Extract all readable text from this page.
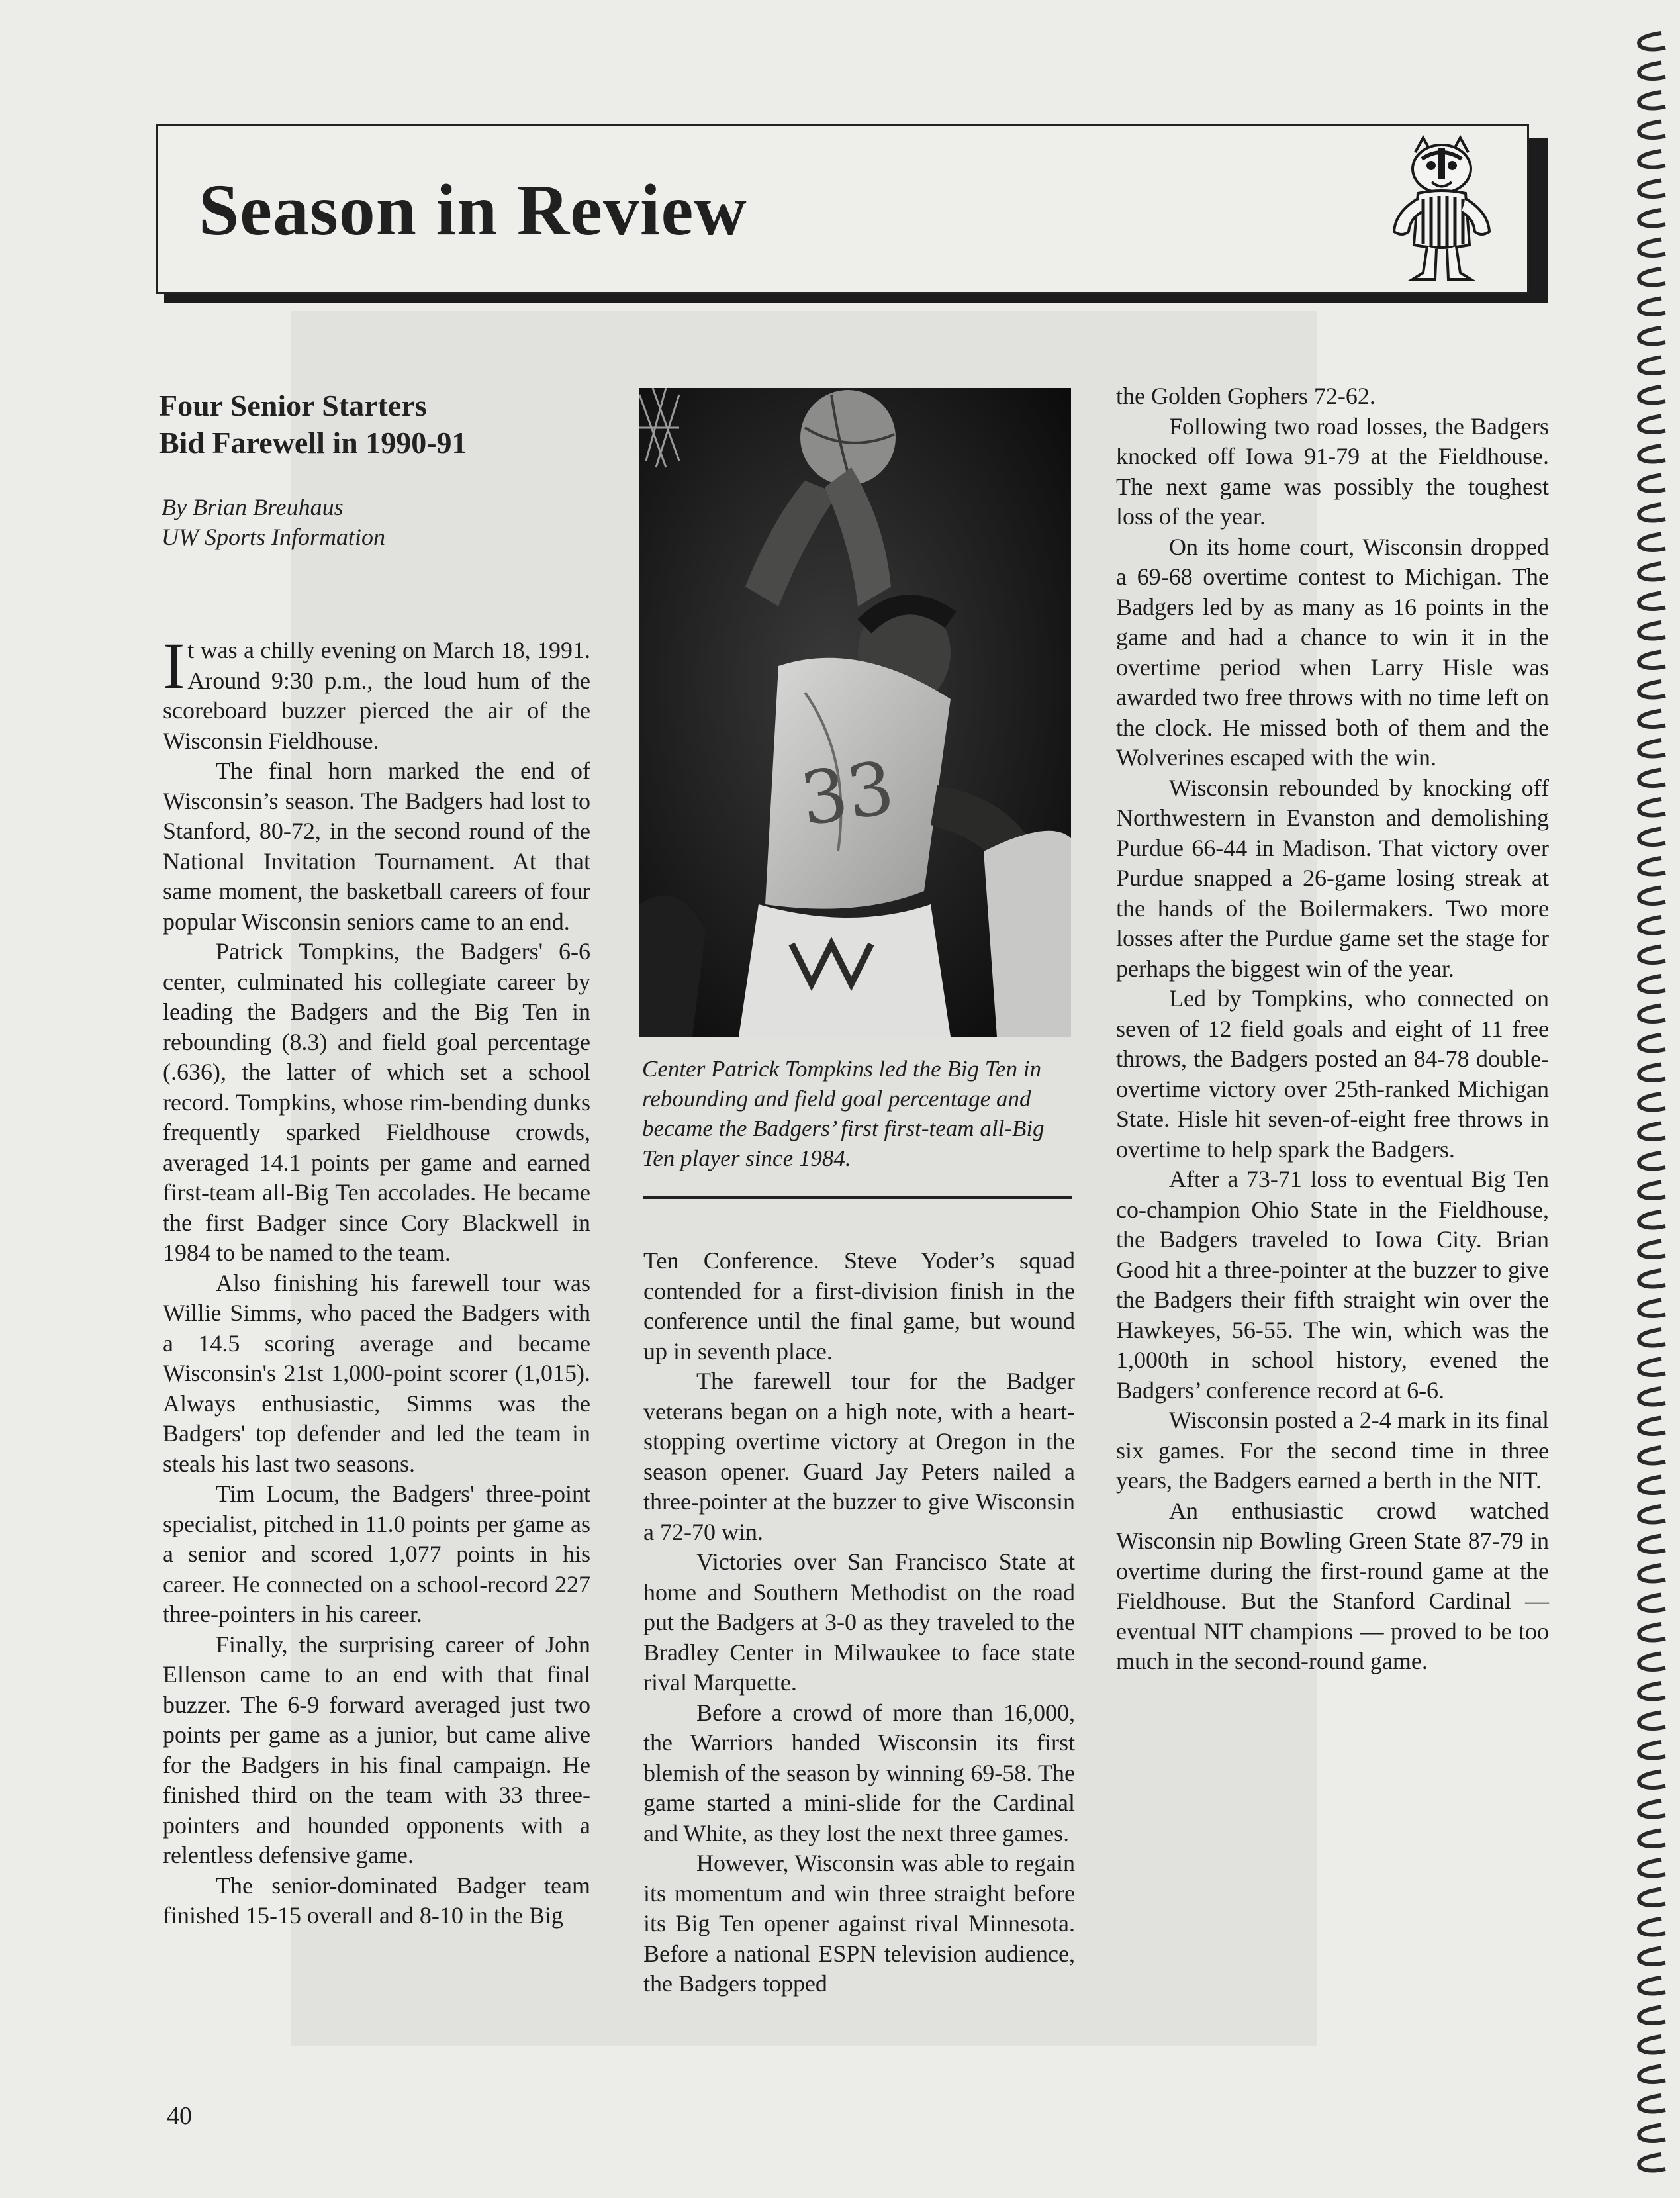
Season in Review
Four Senior Starters
Bid Farewell in 1990-91
By Brian Breuhaus
UW Sports Information

It was a chilly evening on March 18, 1991. Around 9:30 p.m., the loud hum of the scoreboard buzzer pierced the air of the Wisconsin Fieldhouse.

The final horn marked the end of Wisconsin’s season. The Badgers had lost to Stanford, 80-72, in the second round of the National Invitation Tournament. At that same moment, the basketball careers of four popular Wisconsin seniors came to an end.

Patrick Tompkins, the Badgers' 6-6 center, culminated his collegiate career by leading the Badgers and the Big Ten in rebounding (8.3) and field goal percentage (.636), the latter of which set a school record. Tompkins, whose rim-bending dunks frequently sparked Fieldhouse crowds, averaged 14.1 points per game and earned first-team all-Big Ten accolades. He became the first Badger since Cory Blackwell in 1984 to be named to the team.

Also finishing his farewell tour was Willie Simms, who paced the Badgers with a 14.5 scoring average and became Wisconsin's 21st 1,000-point scorer (1,015). Always enthusiastic, Simms was the Badgers' top defender and led the team in steals his last two seasons.

Tim Locum, the Badgers' three-point specialist, pitched in 11.0 points per game as a senior and scored 1,077 points in his career. He connected on a school-record 227 three-pointers in his career.

Finally, the surprising career of John Ellenson came to an end with that final buzzer. The 6-9 forward averaged just two points per game as a junior, but came alive for the Badgers in his final campaign. He finished third on the team with 33 three-pointers and hounded opponents with a relentless defensive game.

The senior-dominated Badger team finished 15-15 overall and 8-10 in the Big

33
Center Patrick Tompkins led the Big Ten in rebounding and field goal percentage and became the Badgers’ first first-team all-Big Ten player since 1984.

Ten Conference. Steve Yoder’s squad contended for a first-division finish in the conference until the final game, but wound up in seventh place.

The farewell tour for the Badger veterans began on a high note, with a heart-stopping overtime victory at Oregon in the season opener. Guard Jay Peters nailed a three-pointer at the buzzer to give Wisconsin a 72-70 win.

Victories over San Francisco State at home and Southern Methodist on the road put the Badgers at 3-0 as they traveled to the Bradley Center in Milwaukee to face state rival Marquette.

Before a crowd of more than 16,000, the Warriors handed Wisconsin its first blemish of the season by winning 69-58. The game started a mini-slide for the Cardinal and White, as they lost the next three games.

However, Wisconsin was able to regain its momentum and win three straight before its Big Ten opener against rival Minnesota. Before a national ESPN television audience, the Badgers topped

the Golden Gophers 72-62.

Following two road losses, the Badgers knocked off Iowa 91-79 at the Fieldhouse. The next game was possibly the toughest loss of the year.

On its home court, Wisconsin dropped a 69-68 overtime contest to Michigan. The Badgers led by as many as 16 points in the game and had a chance to win it in the overtime period when Larry Hisle was awarded two free throws with no time left on the clock. He missed both of them and the Wolverines escaped with the win.

Wisconsin rebounded by knocking off Northwestern in Evanston and demolishing Purdue 66-44 in Madison. That victory over Purdue snapped a 26-game losing streak at the hands of the Boilermakers. Two more losses after the Purdue game set the stage for perhaps the biggest win of the year.

Led by Tompkins, who connected on seven of 12 field goals and eight of 11 free throws, the Badgers posted an 84-78 double-overtime victory over 25th-ranked Michigan State. Hisle hit seven-of-eight free throws in overtime to help spark the Badgers.

After a 73-71 loss to eventual Big Ten co-champion Ohio State in the Fieldhouse, the Badgers traveled to Iowa City. Brian Good hit a three-pointer at the buzzer to give the Badgers their fifth straight win over the Hawkeyes, 56-55. The win, which was the 1,000th in school history, evened the Badgers’ conference record at 6-6.

Wisconsin posted a 2-4 mark in its final six games. For the second time in three years, the Badgers earned a berth in the NIT.

An enthusiastic crowd watched Wisconsin nip Bowling Green State 87-79 in overtime during the first-round game at the Fieldhouse. But the Stanford Cardinal — eventual NIT champions — proved to be too much in the second-round game.

40
